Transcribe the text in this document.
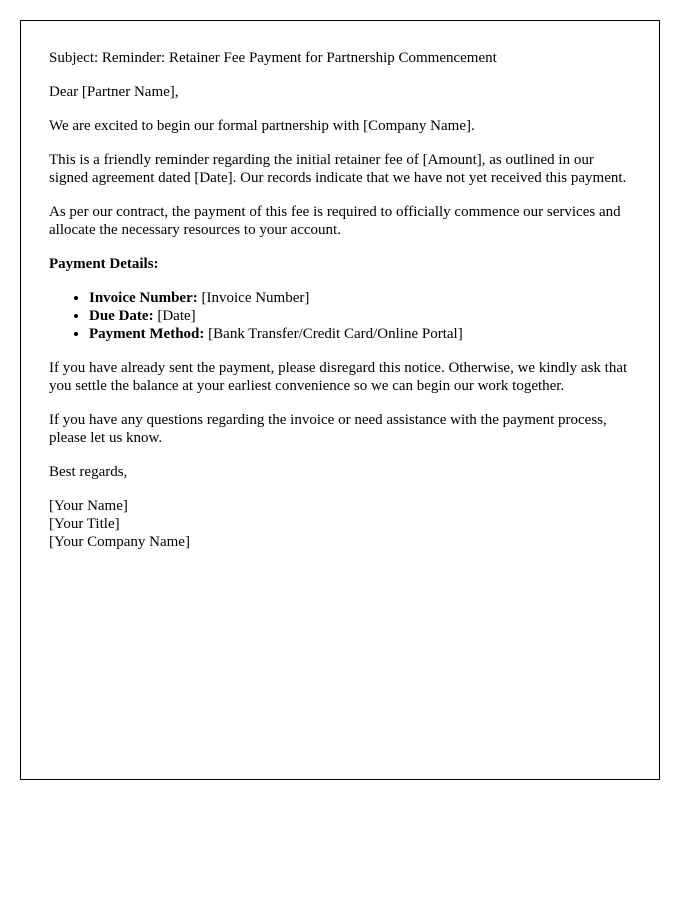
Subject: Reminder: Retainer Fee Payment for Partnership Commencement

Dear [Partner Name],

We are excited to begin our formal partnership with [Company Name].

This is a friendly reminder regarding the initial retainer fee of [Amount], as outlined in our signed agreement dated [Date]. Our records indicate that we have not yet received this payment.

As per our contract, the payment of this fee is required to officially commence our services and allocate the necessary resources to your account.

Payment Details:

• Invoice Number: [Invoice Number]
• Due Date: [Date]
• Payment Method: [Bank Transfer/Credit Card/Online Portal]

If you have already sent the payment, please disregard this notice. Otherwise, we kindly ask that you settle the balance at your earliest convenience so we can begin our work together.

If you have any questions regarding the invoice or need assistance with the payment process, please let us know.

Best regards,

[Your Name]
[Your Title]
[Your Company Name]
